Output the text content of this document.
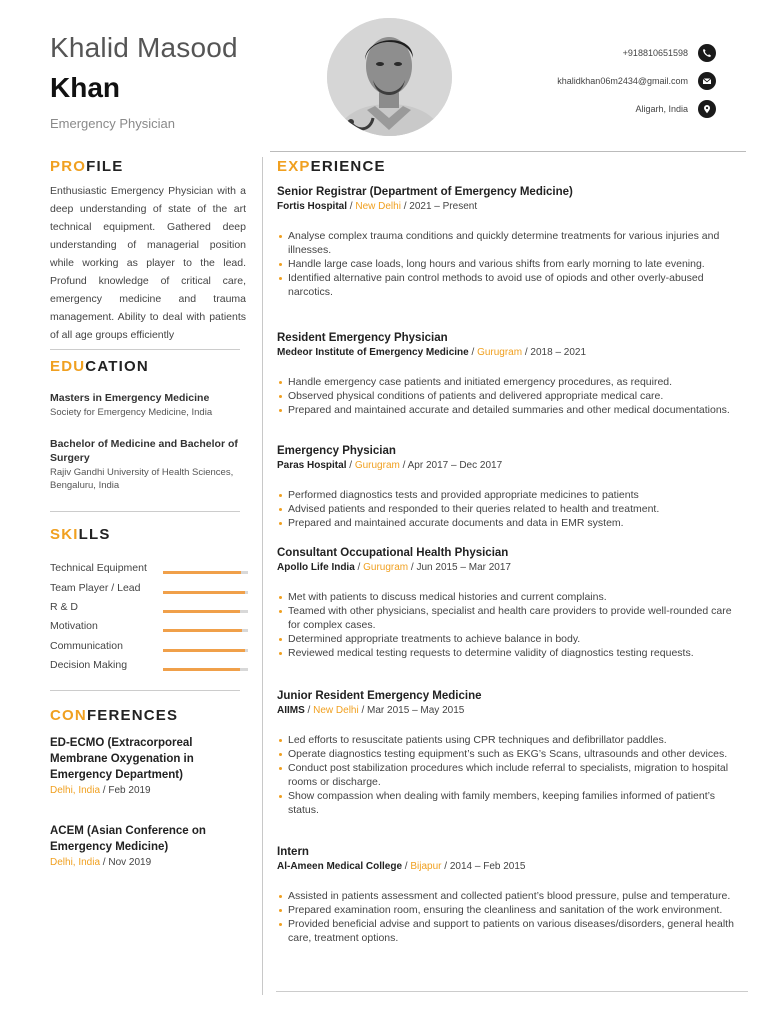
Khalid Masood
Khan
Emergency Physician
+918810651598
khalidkhan06m2434@gmail.com
Aligarh, India
PROFILE
Enthusiastic Emergency Physician with a deep understanding of state of the art technical equipment. Gathered deep understanding of managerial position while working as player to the lead. Profund knowledge of critical care, emergency medicine and trauma management. Ability to deal with patients of all age groups efficiently
EDUCATION
Masters in Emergency Medicine
Society for Emergency Medicine, India
Bachelor of Medicine and Bachelor of Surgery
Rajiv Gandhi University of Health Sciences, Bengaluru, India
SKILLS
Technical Equipment
Team Player / Lead
R & D
Motivation
Communication
Decision Making
CONFERENCES
ED-ECMO (Extracorporeal Membrane Oxygenation in Emergency Department)
Delhi, India / Feb 2019
ACEM (Asian Conference on Emergency Medicine)
Delhi, India / Nov 2019
EXPERIENCE
Senior Registrar (Department of Emergency Medicine)
Fortis Hospital / New Delhi / 2021 – Present
Analyse complex trauma conditions and quickly determine treatments for various injuries and illnesses.
Handle large case loads, long hours and various shifts from early morning to late evening.
Identified alternative pain control methods to avoid use of opiods and other overly-abused narcotics.
Resident Emergency Physician
Medeor Institute of Emergency Medicine / Gurugram / 2018 – 2021
Handle emergency case patients and initiated emergency procedures, as required.
Observed physical conditions of patients and delivered appropriate medical care.
Prepared and maintained accurate and detailed summaries and other medical documentations.
Emergency Physician
Paras Hospital / Gurugram / Apr 2017 – Dec 2017
Performed diagnostics tests and provided appropriate medicines to patients
Advised patients and responded to their queries related to health and treatment.
Prepared and maintained accurate documents and data in EMR system.
Consultant Occupational Health Physician
Apollo Life India / Gurugram / Jun 2015 – Mar 2017
Met with patients to discuss medical histories and current complains.
Teamed with other physicians, specialist and health care providers to provide well-rounded care for complex cases.
Determined appropriate treatments to achieve balance in body.
Reviewed medical testing requests to determine validity of diagnostics testing requests.
Junior Resident Emergency Medicine
AIIMS / New Delhi / Mar 2015 – May 2015
Led efforts to resuscitate patients using CPR techniques and defibrillator paddles.
Operate diagnostics testing equipment’s such as EKG’s Scans, ultrasounds and other devices.
Conduct post stabilization procedures which include referral to specialists, migration to hospital rooms or discharge.
Show compassion when dealing with family members, keeping families informed of patient’s status.
Intern
Al-Ameen Medical College / Bijapur / 2014 – Feb 2015
Assisted in patients assessment and collected patient’s blood pressure, pulse and temperature.
Prepared examination room, ensuring the cleanliness and sanitation of the work environment.
Provided beneficial advise and support to patients on various diseases/disorders, general health care, treatment options.
